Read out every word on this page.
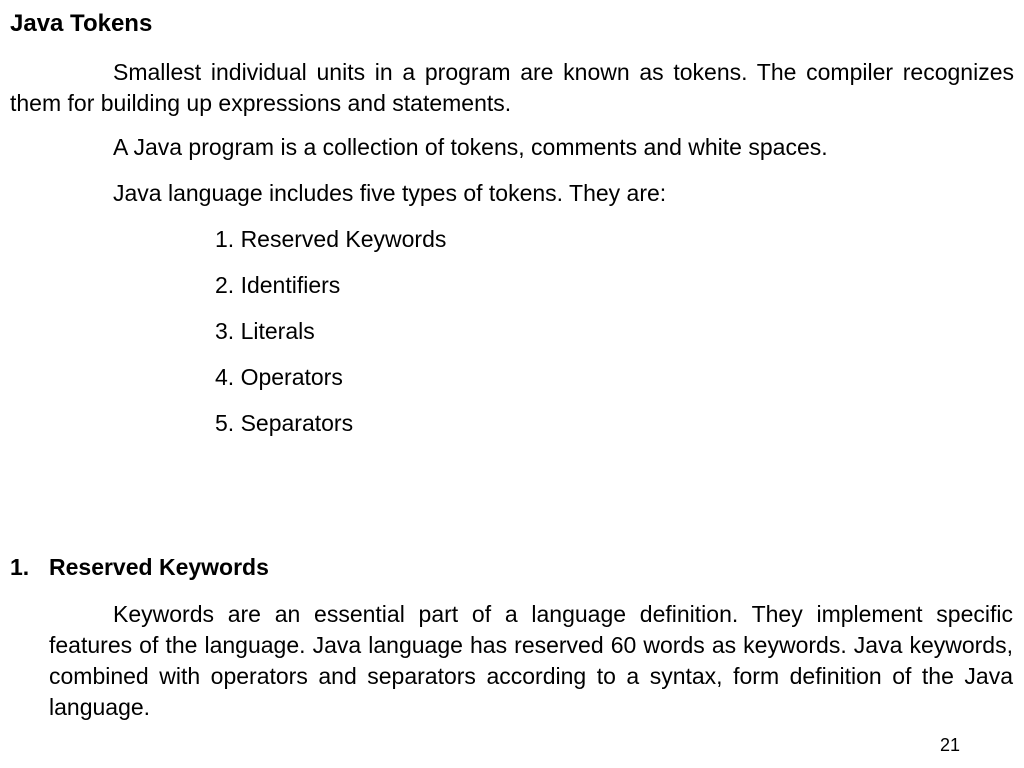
Java Tokens
Smallest individual units in a program are known as tokens. The compiler recognizes them for building up expressions and statements.
A Java program is a collection of tokens, comments and white spaces.
Java language includes five types of tokens. They are:
1. Reserved Keywords
2. Identifiers
3. Literals
4. Operators
5. Separators
1. Reserved Keywords
Keywords are an essential part of a language definition. They implement specific features of the language. Java language has reserved 60 words as keywords. Java keywords, combined with operators and separators according to a syntax, form definition of the Java language.
21
